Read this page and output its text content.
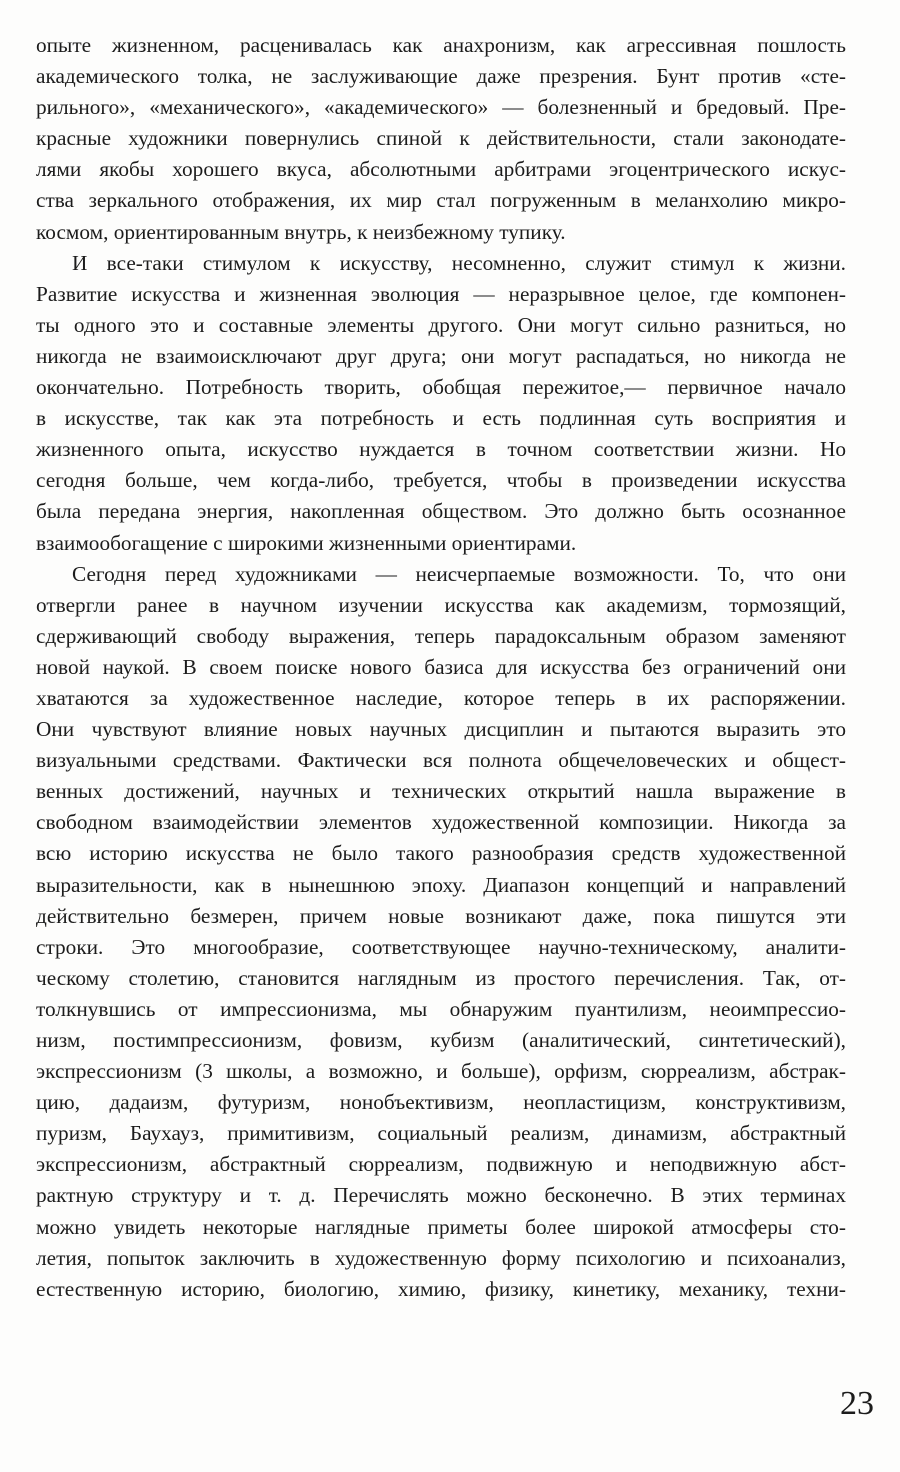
опыте жизненном, расценивалась как анахронизм, как агрессивная пошлость
академического толка, не заслуживающие даже презрения. Бунт против «сте-
рильного», «механического», «академического» — болезненный и бредовый. Пре-
красные художники повернулись спиной к действительности, стали законодате-
лями якобы хорошего вкуса, абсолютными арбитрами эгоцентрического искус-
ства зеркального отображения, их мир стал погруженным в меланхолию микро-
космом, ориентированным внутрь, к неизбежному тупику.
И все-таки стимулом к искусству, несомненно, служит стимул к жизни.
Развитие искусства и жизненная эволюция — неразрывное целое, где компонен-
ты одного это и составные элементы другого. Они могут сильно разниться, но
никогда не взаимоисключают друг друга; они могут распадаться, но никогда не
окончательно. Потребность творить, обобщая пережитое,— первичное начало
в искусстве, так как эта потребность и есть подлинная суть восприятия и
жизненного опыта, искусство нуждается в точном соответствии жизни. Но
сегодня больше, чем когда-либо, требуется, чтобы в произведении искусства
была передана энергия, накопленная обществом. Это должно быть осознанное
взаимообогащение с широкими жизненными ориентирами.
Сегодня перед художниками — неисчерпаемые возможности. То, что они
отвергли ранее в научном изучении искусства как академизм, тормозящий,
сдерживающий свободу выражения, теперь парадоксальным образом заменяют
новой наукой. В своем поиске нового базиса для искусства без ограничений они
хватаются за художественное наследие, которое теперь в их распоряжении.
Они чувствуют влияние новых научных дисциплин и пытаются выразить это
визуальными средствами. Фактически вся полнота общечеловеческих и общест-
венных достижений, научных и технических открытий нашла выражение в
свободном взаимодействии элементов художественной композиции. Никогда за
всю историю искусства не было такого разнообразия средств художественной
выразительности, как в нынешнюю эпоху. Диапазон концепций и направлений
действительно безмерен, причем новые возникают даже, пока пишутся эти
строки. Это многообразие, соответствующее научно-техническому, аналити-
ческому столетию, становится наглядным из простого перечисления. Так, от-
толкнувшись от импрессионизма, мы обнаружим пуантилизм, неоимпрессио-
низм, постимпрессионизм, фовизм, кубизм (аналитический, синтетический),
экспрессионизм (3 школы, а возможно, и больше), орфизм, сюрреализм, абстрак-
цию, дадаизм, футуризм, нонобъективизм, неопластицизм, конструктивизм,
пуризм, Баухауз, примитивизм, социальный реализм, динамизм, абстрактный
экспрессионизм, абстрактный сюрреализм, подвижную и неподвижную абст-
рактную структуру и т. д. Перечислять можно бесконечно. В этих терминах
можно увидеть некоторые наглядные приметы более широкой атмосферы сто-
летия, попыток заключить в художественную форму психологию и психоанализ,
естественную историю, биологию, химию, физику, кинетику, механику, техни-
23
